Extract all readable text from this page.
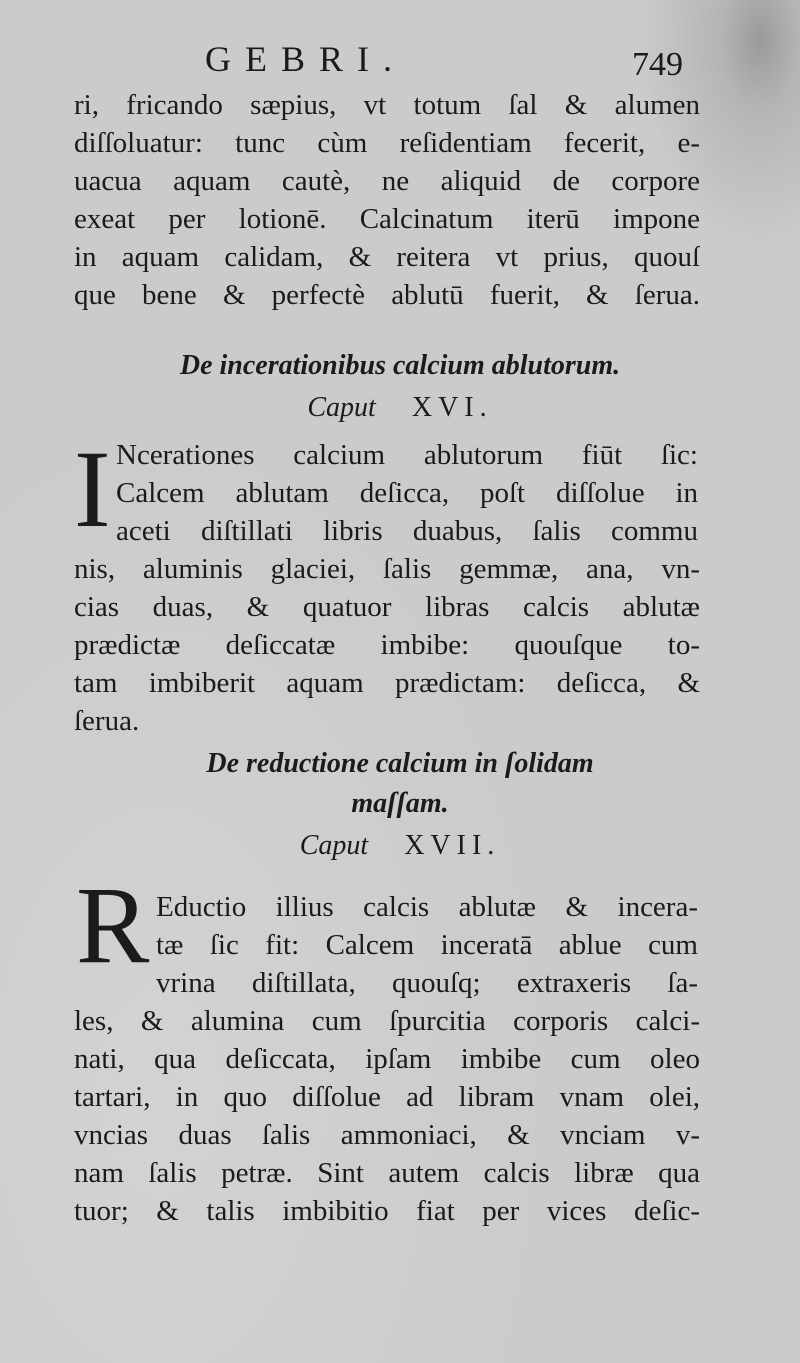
GEBRI.	749
ri, fricando sæpius, vt totum ſal & alumen
diſſoluatur: tunc cùm reſidentiam fecerit, e-
uacua aquam cautè, ne aliquid de corpore
exeat per lotionē. Calcinatum iterū impone
in aquam calidam, & reitera vt prius, quouſ
que bene & perfectè ablutū fuerit, & ſerua.
De incerationibus calcium ablutorum.
Caput XVI.
I Ncerationes calcium ablutorum fiūt ſic:
Calcem ablutam deſicca, poſt diſſolue in
aceti diſtillati libris duabus, ſalis commu
nis, aluminis glaciei, ſalis gemmæ, ana, vn-
cias duas, & quatuor libras calcis ablutæ
prædictæ deſiccatæ imbibe: quouſque to-
tam imbiberit aquam prædictam: deſicca, &
ſerua.
De reductione calcium in ſolidam
maſſam.
Caput XVII.
R Eductio illius calcis ablutæ & incera-
tæ ſic fit: Calcem inceratā ablue cum
vrina diſtillata, quouſq; extraxeris ſa-
les, & alumina cum ſpurcitia corporis calci-
nati, qua deſiccata, ipſam imbibe cum oleo
tartari, in quo diſſolue ad libram vnam olei,
vncias duas ſalis ammoniaci, & vnciam v-
nam ſalis petræ. Sint autem calcis libræ qua
tuor; & talis imbibitio fiat per vices deſic-
